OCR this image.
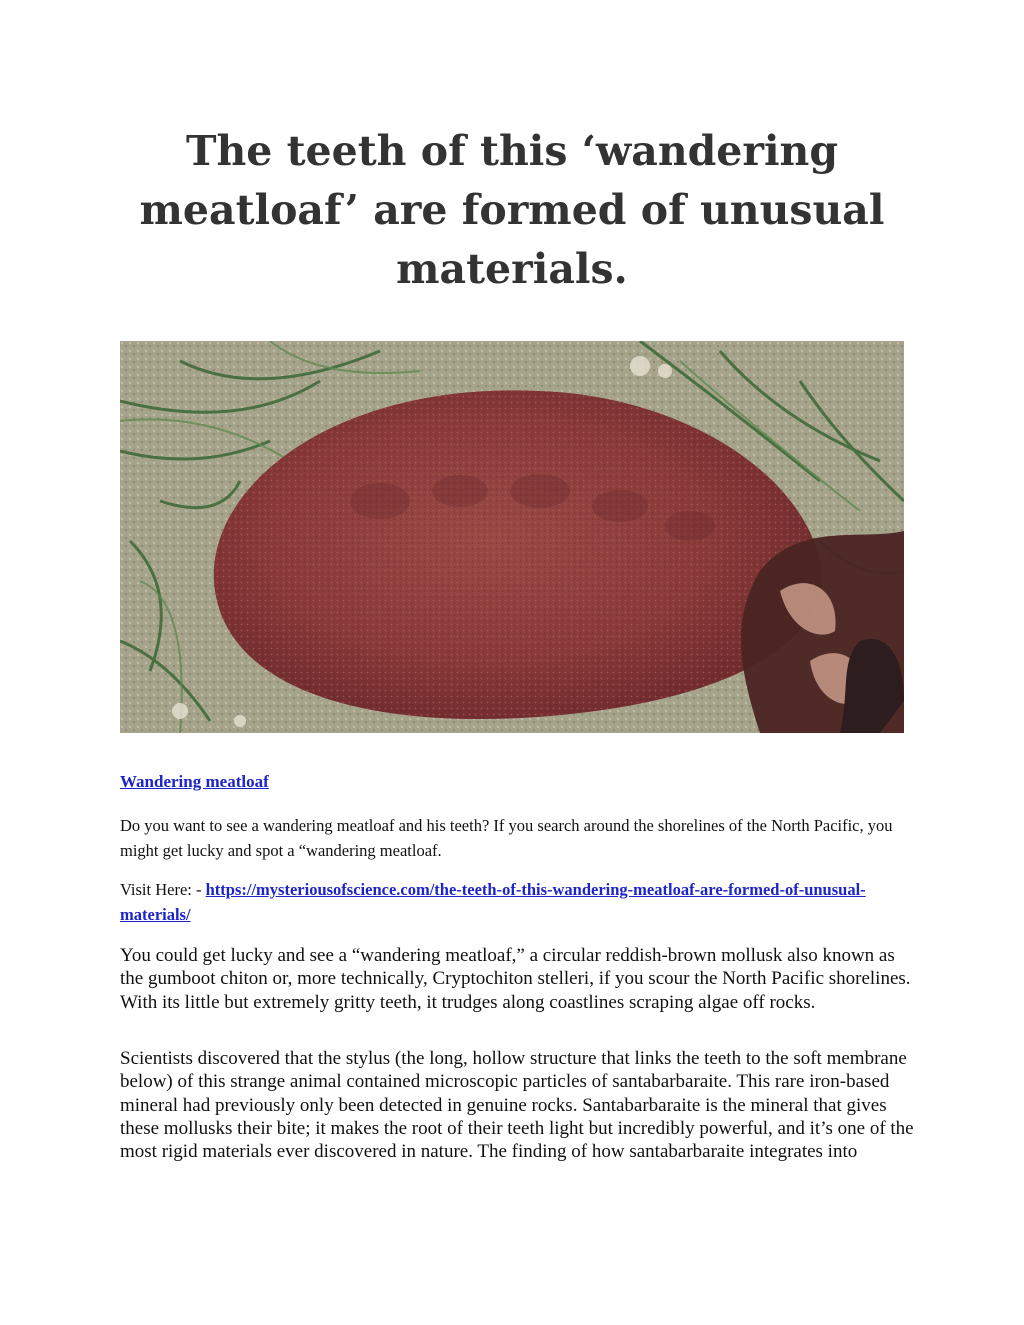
The teeth of this ‘wandering meatloaf’ are formed of unusual materials.
Wandering meatloaf

Do you want to see a wandering meatloaf and his teeth? If you search around the shorelines of the North Pacific, you might get lucky and spot a “wandering meatloaf.

Visit Here: - https://mysteriousofscience.com/the-teeth-of-this-wandering-meatloaf-are-formed-of-unusual-materials/

You could get lucky and see a “wandering meatloaf,” a circular reddish-brown mollusk also known as the gumboot chiton or, more technically, Cryptochiton stelleri, if you scour the North Pacific shorelines. With its little but extremely gritty teeth, it trudges along coastlines scraping algae off rocks.

Scientists discovered that the stylus (the long, hollow structure that links the teeth to the soft membrane below) of this strange animal contained microscopic particles of santabarbaraite. This rare iron-based mineral had previously only been detected in genuine rocks. Santabarbaraite is the mineral that gives these mollusks their bite; it makes the root of their teeth light but incredibly powerful, and it’s one of the most rigid materials ever discovered in nature. The finding of how santabarbaraite integrates into
